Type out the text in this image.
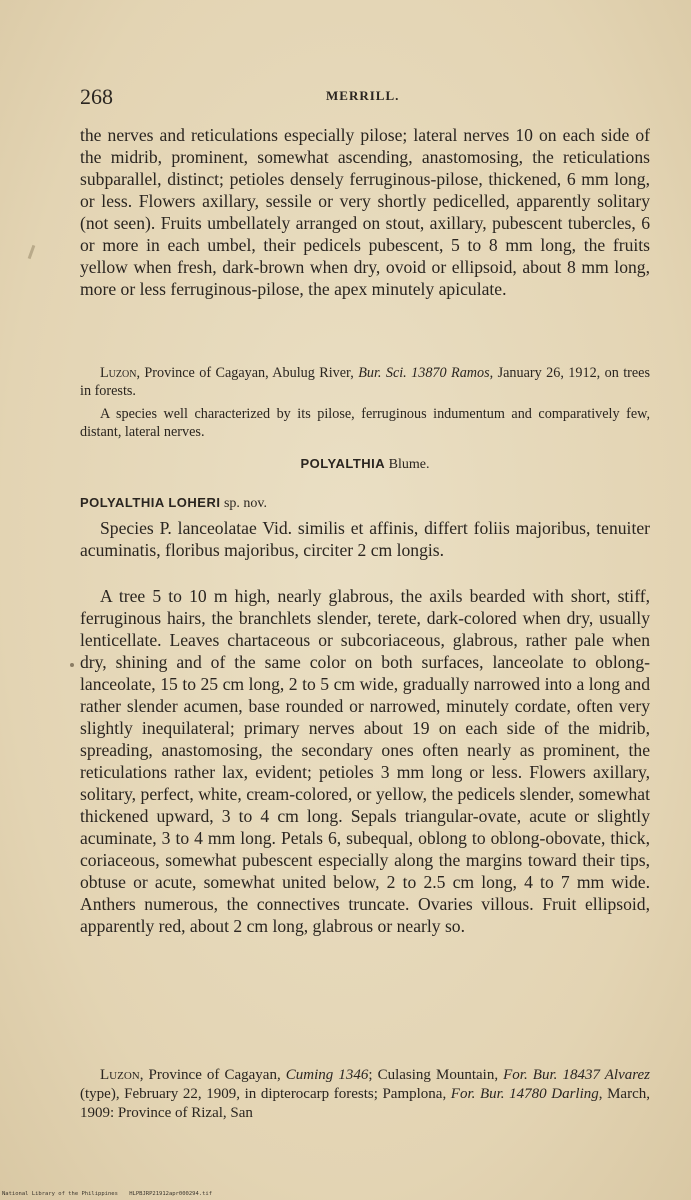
268	MERRILL.

the nerves and reticulations especially pilose; lateral nerves 10 on each side of the midrib, prominent, somewhat ascending, anastomosing, the reticulations subparallel, distinct; petioles densely ferruginous-pilose, thickened, 6 mm long, or less. Flowers axillary, sessile or very shortly pedicelled, apparently solitary (not seen). Fruits umbellately arranged on stout, axillary, pubescent tubercles, 6 or more in each umbel, their pedicels pubescent, 5 to 8 mm long, the fruits yellow when fresh, dark-brown when dry, ovoid or ellipsoid, about 8 mm long, more or less ferruginous-pilose, the apex minutely apiculate.

Luzon, Province of Cagayan, Abulug River, Bur. Sci. 13870 Ramos, January 26, 1912, on trees in forests.

A species well characterized by its pilose, ferruginous indumentum and comparatively few, distant, lateral nerves.

POLYALTHIA Blume.
POLYALTHIA LOHERI sp. nov.

Species P. lanceolatae Vid. similis et affinis, differt foliis majoribus, tenuiter acuminatis, floribus majoribus, circiter 2 cm longis.

A tree 5 to 10 m high, nearly glabrous, the axils bearded with short, stiff, ferruginous hairs, the branchlets slender, terete, dark-colored when dry, usually lenticellate. Leaves chartaceous or subcoriaceous, glabrous, rather pale when dry, shining and of the same color on both surfaces, lanceolate to oblong-lanceolate, 15 to 25 cm long, 2 to 5 cm wide, gradually narrowed into a long and rather slender acumen, base rounded or narrowed, minutely cordate, often very slightly inequilateral; primary nerves about 19 on each side of the midrib, spreading, anastomosing, the secondary ones often nearly as prominent, the reticulations rather lax, evident; petioles 3 mm long or less. Flowers axillary, solitary, perfect, white, cream-colored, or yellow, the pedicels slender, somewhat thickened upward, 3 to 4 cm long. Sepals triangular-ovate, acute or slightly acuminate, 3 to 4 mm long. Petals 6, subequal, oblong to oblong-obovate, thick, coriaceous, somewhat pubescent especially along the margins toward their tips, obtuse or acute, somewhat united below, 2 to 2.5 cm long, 4 to 7 mm wide. Anthers numerous, the connectives truncate. Ovaries villous. Fruit ellipsoid, apparently red, about 2 cm long, glabrous or nearly so.

Luzon, Province of Cagayan, Cuming 1346; Culasing Mountain, For. Bur. 18437 Alvarez (type), February 22, 1909, in dipterocarp forests; Pamplona, For. Bur. 14780 Darling, March, 1909: Province of Rizal, San

National Library of the Philippines HLPBJRP21912apr000294.tif
